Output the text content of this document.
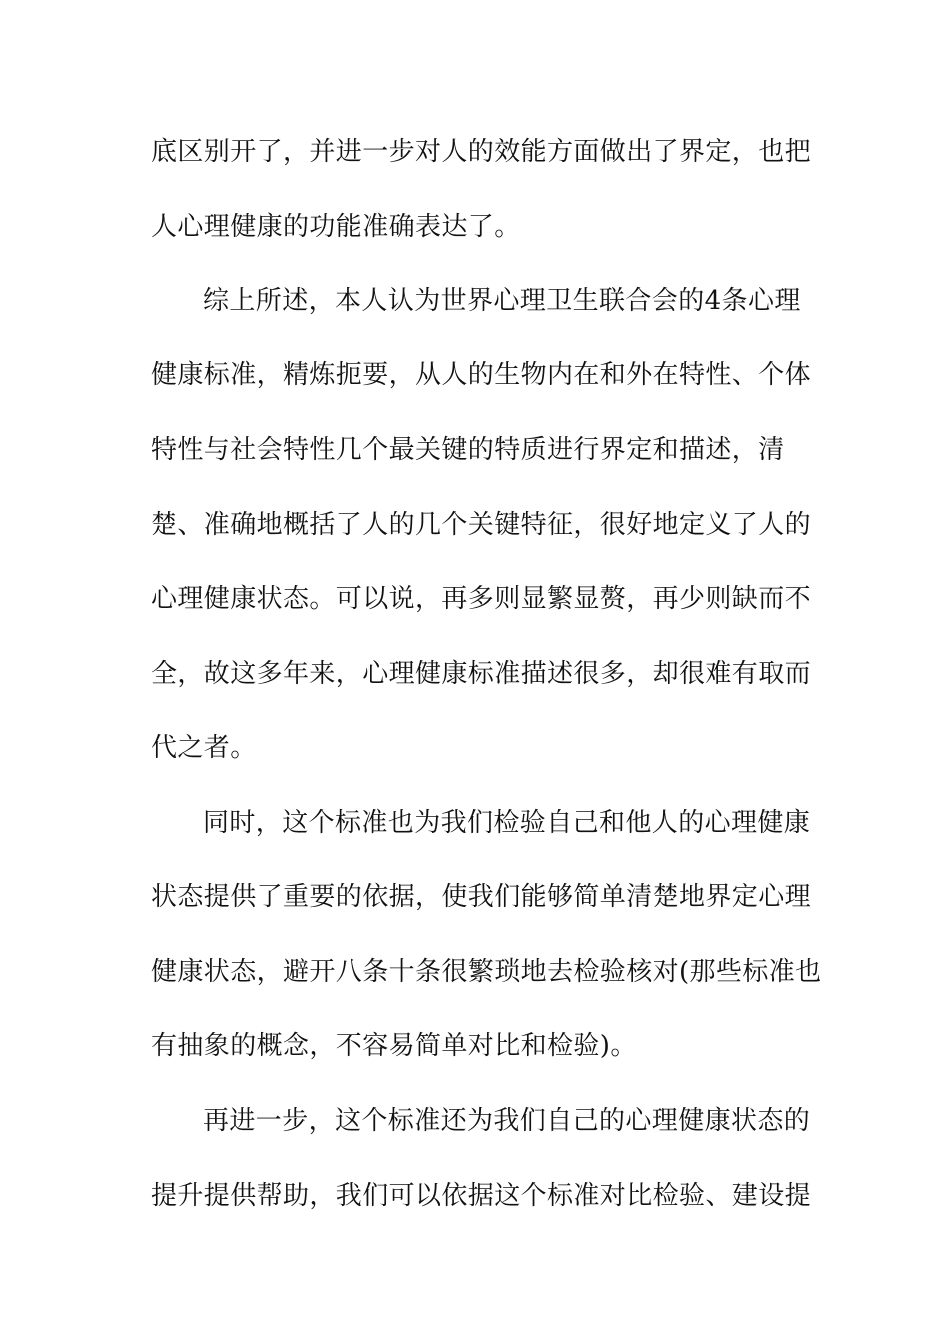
底区别开了，并进一步对人的效能方面做出了界定，也把
人心理健康的功能准确表达了。
综上所述，本人认为世界心理卫生联合会的4条心理
健康标准，精炼扼要，从人的生物内在和外在特性、个体
特性与社会特性几个最关键的特质进行界定和描述，清
楚、准确地概括了人的几个关键特征，很好地定义了人的
心理健康状态。可以说，再多则显繁显赘，再少则缺而不
全，故这多年来，心理健康标准描述很多，却很难有取而
代之者。
同时，这个标准也为我们检验自己和他人的心理健康
状态提供了重要的依据，使我们能够简单清楚地界定心理
健康状态，避开八条十条很繁琐地去检验核对(那些标准也
有抽象的概念，不容易简单对比和检验)。
再进一步，这个标准还为我们自己的心理健康状态的
提升提供帮助，我们可以依据这个标准对比检验、建设提
